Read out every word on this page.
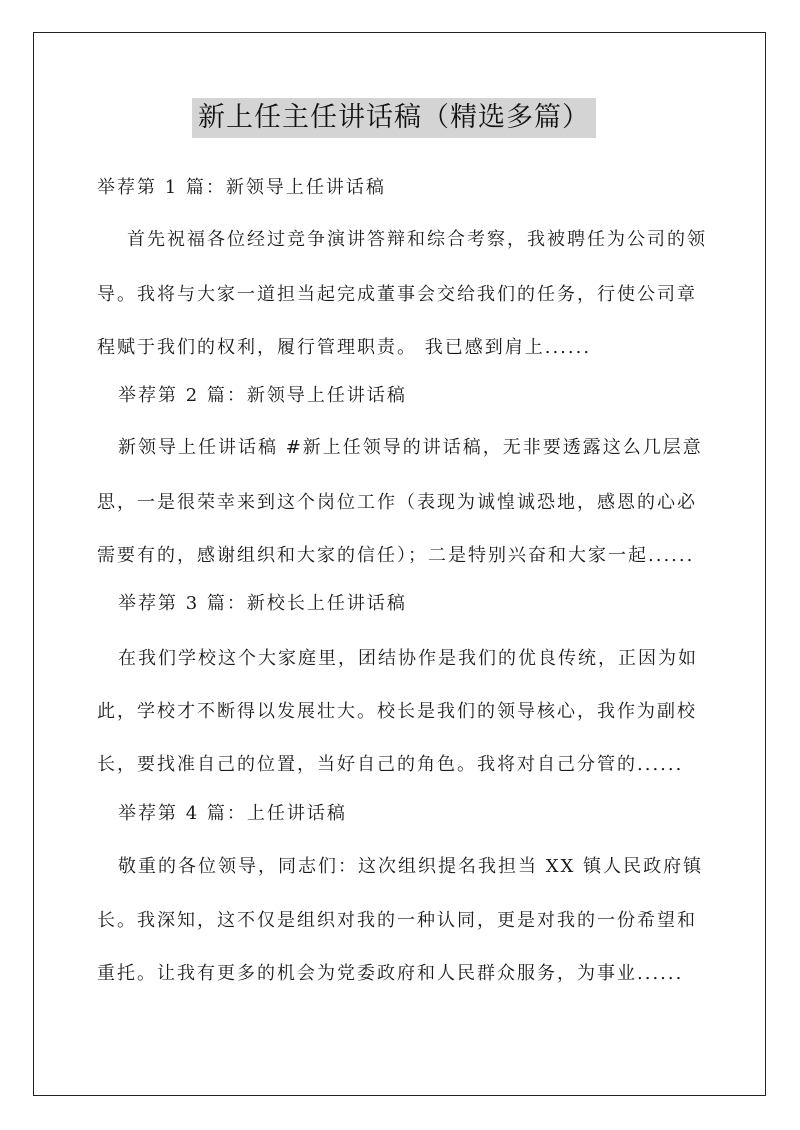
新上任主任讲话稿（精选多篇）
举荐第 1 篇：新领导上任讲话稿
首先祝福各位经过竞争演讲答辩和综合考察，我被聘任为公司的领
导。我将与大家一道担当起完成董事会交给我们的任务，行使公司章
程赋于我们的权利，履行管理职责。 我已感到肩上......
举荐第 2 篇：新领导上任讲话稿
新领导上任讲话稿 #新上任领导的讲话稿，无非要透露这么几层意
思，一是很荣幸来到这个岗位工作（表现为诚惶诚恐地，感恩的心必
需要有的，感谢组织和大家的信任）；二是特别兴奋和大家一起......
举荐第 3 篇：新校长上任讲话稿
在我们学校这个大家庭里，团结协作是我们的优良传统，正因为如
此，学校才不断得以发展壮大。校长是我们的领导核心，我作为副校
长，要找准自己的位置，当好自己的角色。我将对自己分管的......
举荐第 4 篇：上任讲话稿
敬重的各位领导，同志们：这次组织提名我担当 XX 镇人民政府镇
长。我深知，这不仅是组织对我的一种认同，更是对我的一份希望和
重托。让我有更多的机会为党委政府和人民群众服务，为事业......
